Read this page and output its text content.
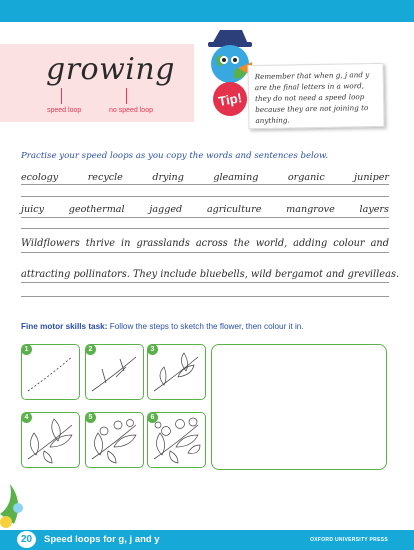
growing
speed loop	no speed loop
Tip!
Remember that when g, j and y are the final letters in a word, they do not need a speed loop because they are not joining to anything.
Practise your speed loops as you copy the words and sentences below.
ecology	recycle	drying	gleaming	organic	juniper
juicy	geothermal	jagged	agriculture	mangrove	layers
Wildflowers thrive in grasslands across the world, adding colour and
attracting pollinators. They include bluebells, wild bergamot and grevilleas.
Fine motor skills task: Follow the steps to sketch the flower, then colour it in.
1	2	3
4	5	6
20	Speed loops for g, j and y	OXFORD UNIVERSITY PRESS
